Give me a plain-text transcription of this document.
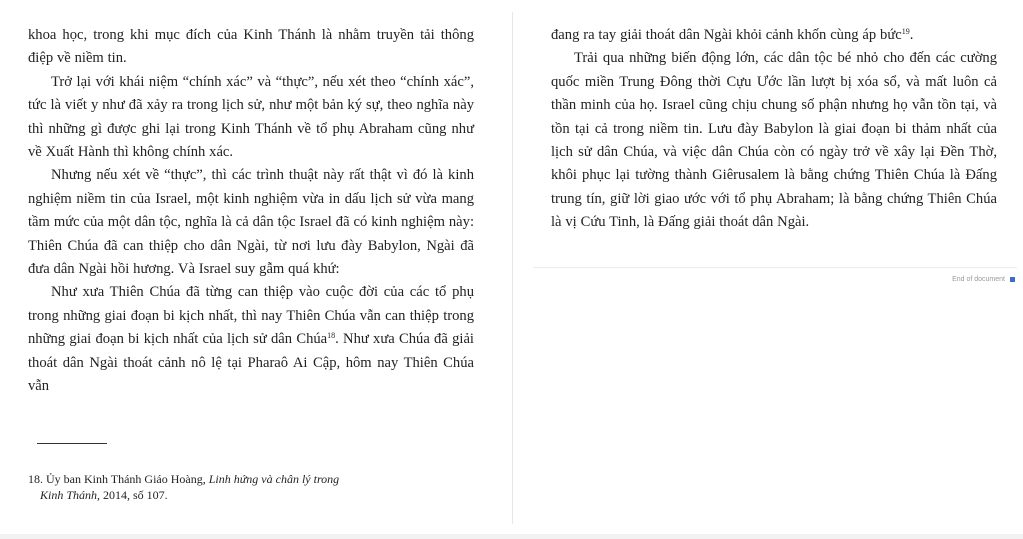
khoa học, trong khi mục đích của Kinh Thánh là nhằm truyền tải thông điệp về niềm tin.

Trở lại với khái niệm “chính xác” và “thực”, nếu xét theo “chính xác”, tức là viết y như đã xảy ra trong lịch sử, như một bản ký sự, theo nghĩa này thì những gì được ghi lại trong Kinh Thánh về tổ phụ Abraham cũng như về Xuất Hành thì không chính xác.

Nhưng nếu xét về “thực”, thì các trình thuật này rất thật vì đó là kinh nghiệm niềm tin của Israel, một kinh nghiệm vừa in dấu lịch sử vừa mang tầm mức của một dân tộc, nghĩa là cả dân tộc Israel đã có kinh nghiệm này: Thiên Chúa đã can thiệp cho dân Ngài, từ nơi lưu đày Babylon, Ngài đã đưa dân Ngài hồi hương. Và Israel suy gẫm quá khứ:

Như xưa Thiên Chúa đã từng can thiệp vào cuộc đời của các tổ phụ trong những giai đoạn bi kịch nhất, thì nay Thiên Chúa vẫn can thiệp trong những giai đoạn bi kịch nhất của lịch sử dân Chúa$^{18}$. Như xưa Chúa đã giải thoát dân Ngài thoát cảnh nô lệ tại Pharaô Ai Cập, hôm nay Thiên Chúa vẫn

18. Ủy ban Kinh Thánh Giáo Hoàng, Linh hứng và chân lý trong
Kinh Thánh, 2014, số 107.

đang ra tay giải thoát dân Ngài khỏi cảnh khốn cùng áp bức$^{19}$.

Trải qua những biến động lớn, các dân tộc bé nhỏ cho đến các cường quốc miền Trung Đông thời Cựu Ước lần lượt bị xóa sổ, và mất luôn cả thần minh của họ. Israel cũng chịu chung số phận nhưng họ vẫn tồn tại, và tồn tại cả trong niềm tin. Lưu đày Babylon là giai đoạn bi thảm nhất của lịch sử dân Chúa, và việc dân Chúa còn có ngày trở về xây lại Đền Thờ, khôi phục lại tường thành Giêrusalem là bằng chứng Thiên Chúa là Đấng trung tín, giữ lời giao ước với tổ phụ Abraham; là bằng chứng Thiên Chúa là vị Cứu Tinh, là Đấng giải thoát dân Ngài.

End of document
